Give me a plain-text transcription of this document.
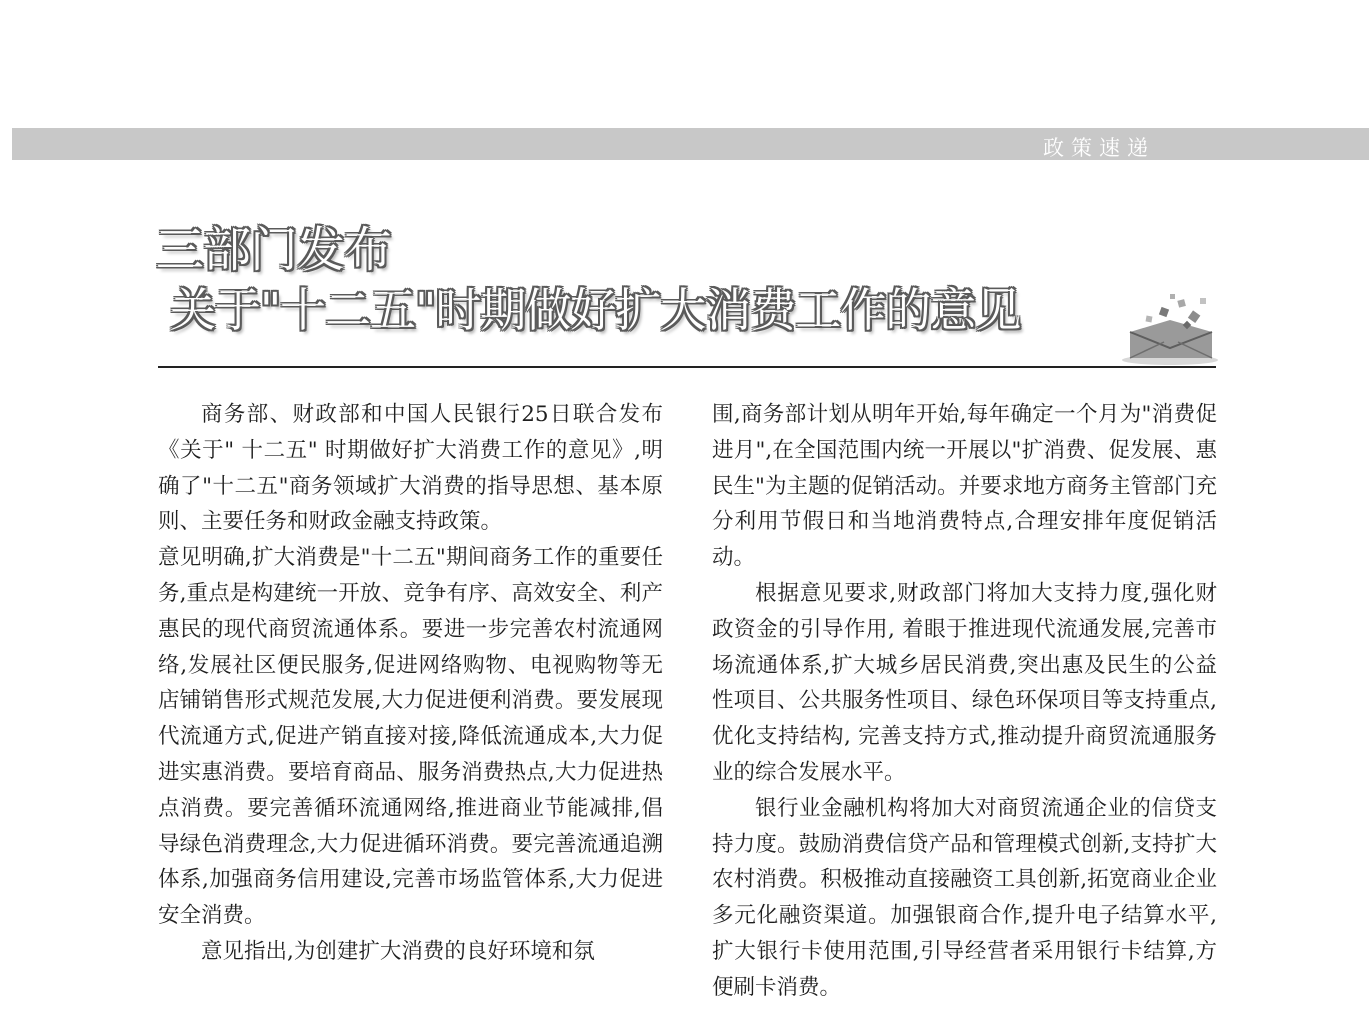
政策速递
三部门发布
关于"十二五"时期做好扩大消费工作的意见

商务部、财政部和中国人民银行25日联合发布《关于" 十二五" 时期做好扩大消费工作的意见》,明确了"十二五"商务领域扩大消费的指导思想、基本原则、主要任务和财政金融支持政策。

意见明确,扩大消费是"十二五"期间商务工作的重要任务,重点是构建统一开放、竞争有序、高效安全、利产惠民的现代商贸流通体系。要进一步完善农村流通网络,发展社区便民服务,促进网络购物、电视购物等无店铺销售形式规范发展,大力促进便利消费。要发展现代流通方式,促进产销直接对接,降低流通成本,大力促进实惠消费。要培育商品、服务消费热点,大力促进热点消费。要完善循环流通网络,推进商业节能减排,倡导绿色消费理念,大力促进循环消费。要完善流通追溯体系,加强商务信用建设,完善市场监管体系,大力促进安全消费。

意见指出,为创建扩大消费的良好环境和氛

围,商务部计划从明年开始,每年确定一个月为"消费促进月",在全国范围内统一开展以"扩消费、促发展、惠民生"为主题的促销活动。并要求地方商务主管部门充分利用节假日和当地消费特点,合理安排年度促销活动。

根据意见要求,财政部门将加大支持力度,强化财政资金的引导作用, 着眼于推进现代流通发展,完善市场流通体系,扩大城乡居民消费,突出惠及民生的公益性项目、公共服务性项目、绿色环保项目等支持重点, 优化支持结构, 完善支持方式,推动提升商贸流通服务业的综合发展水平。

银行业金融机构将加大对商贸流通企业的信贷支持力度。鼓励消费信贷产品和管理模式创新,支持扩大农村消费。积极推动直接融资工具创新,拓宽商业企业多元化融资渠道。加强银商合作,提升电子结算水平,扩大银行卡使用范围,引导经营者采用银行卡结算,方便刷卡消费。
